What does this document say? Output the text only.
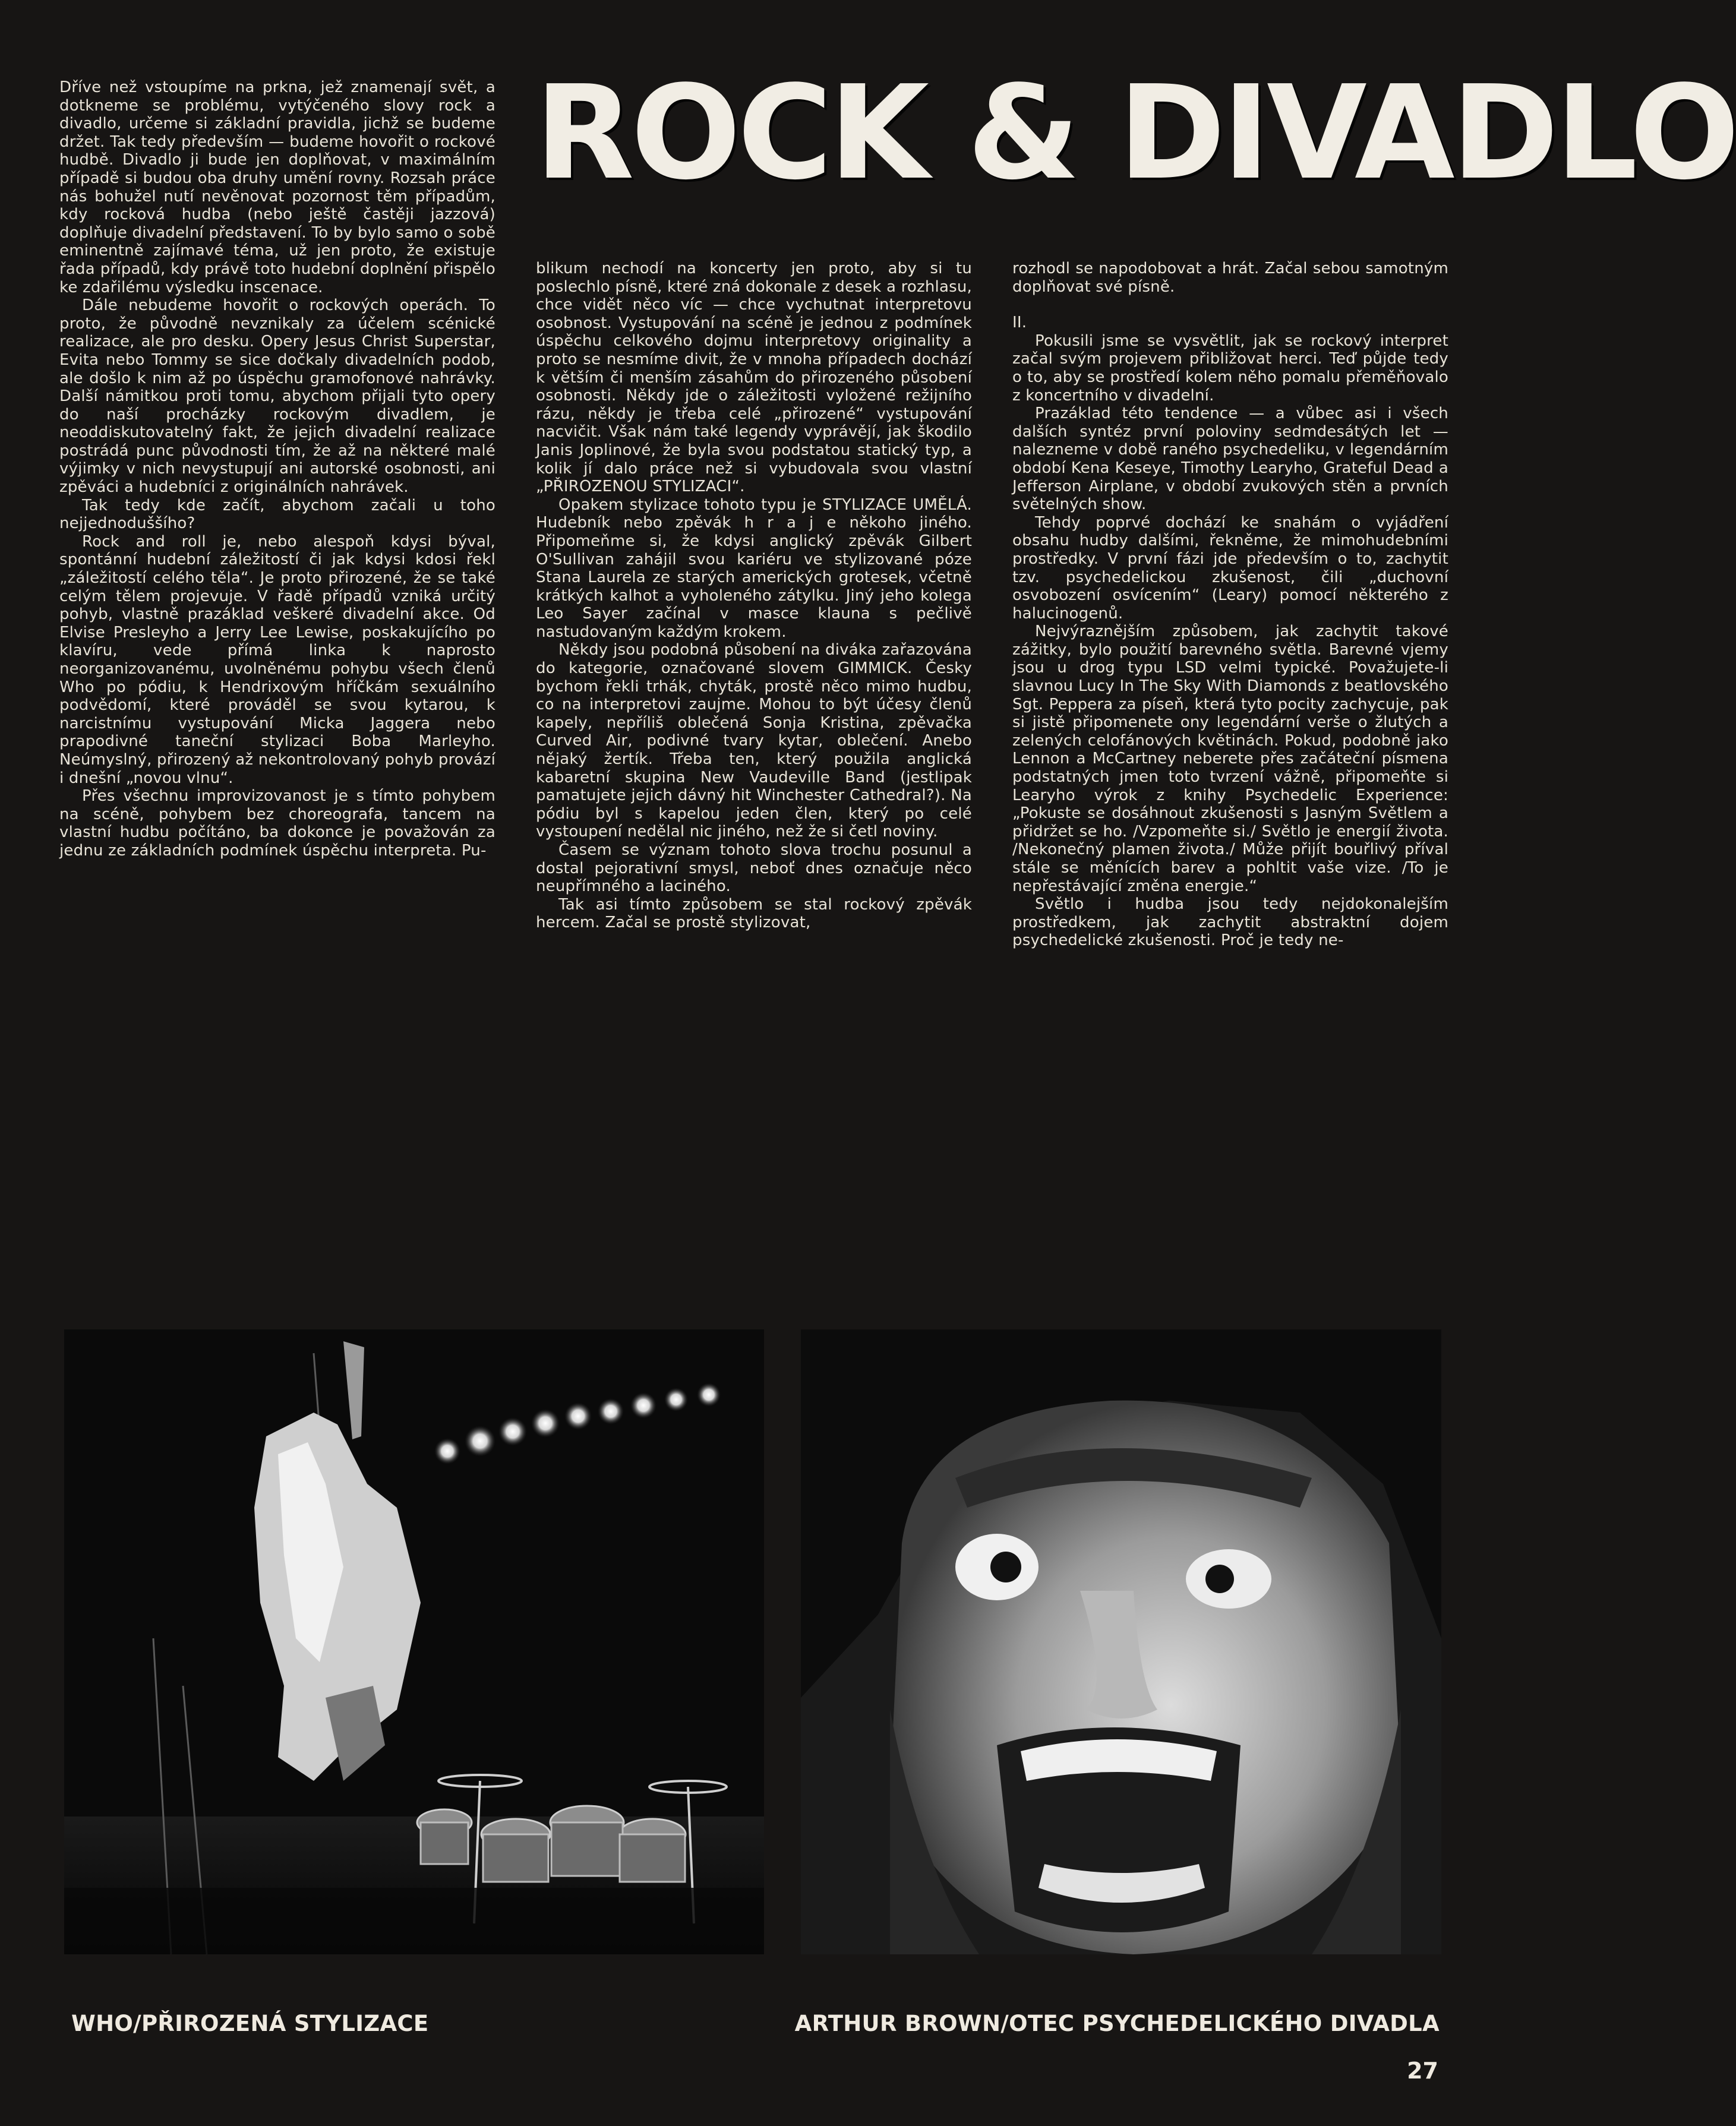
ROCK & DIVADLO

Dříve než vstoupíme na prkna, jež znamenají svět, a dotkneme se problému, vytýčeného slovy rock a divadlo, určeme si základní pravidla, jichž se budeme držet. Tak tedy především — budeme hovořit o rockové hudbě. Divadlo ji bude jen doplňovat, v maximálním případě si budou oba druhy umění rovny. Rozsah práce nás bohužel nutí nevěnovat pozornost těm případům, kdy rocková hudba (nebo ještě častěji jazzová) doplňuje divadelní představení. To by bylo samo o sobě eminentně zajímavé téma, už jen proto, že existuje řada případů, kdy právě toto hudební doplnění přispělo ke zdařilému výsledku inscenace.

Dále nebudeme hovořit o rockových operách. To proto, že původně nevznikaly za účelem scénické realizace, ale pro desku. Opery Jesus Christ Superstar, Evita nebo Tommy se sice dočkaly divadelních podob, ale došlo k nim až po úspěchu gramofonové nahrávky. Další námitkou proti tomu, abychom přijali tyto opery do naší procházky rockovým divadlem, je neoddiskutovatelný fakt, že jejich divadelní realizace postrádá punc původnosti tím, že až na některé malé výjimky v nich nevystupují ani autorské osobnosti, ani zpěváci a hudebníci z originálních nahrávek.

Tak tedy kde začít, abychom začali u toho nejjednoduššího?

Rock and roll je, nebo alespoň kdysi býval, spontánní hudební záležitostí či jak kdysi kdosi řekl „záležitostí celého těla“. Je proto přirozené, že se také celým tělem projevuje. V řadě případů vzniká určitý pohyb, vlastně prazáklad veškeré divadelní akce. Od Elvise Presleyho a Jerry Lee Lewise, poskakujícího po klavíru, vede přímá linka k naprosto neorganizovanému, uvolněnému pohybu všech členů Who po pódiu, k Hendrixovým hříčkám sexuálního podvědomí, které prováděl se svou kytarou, k narcistnímu vystupování Micka Jaggera nebo prapodivné taneční stylizaci Boba Marleyho. Neúmyslný, přirozený až nekontrolovaný pohyb provází i dnešní „novou vlnu“.

Přes všechnu improvizovanost je s tímto pohybem na scéně, pohybem bez choreografa, tancem na vlastní hudbu počítáno, ba dokonce je považován za jednu ze základních podmínek úspěchu interpreta. Pu-

blikum nechodí na koncerty jen proto, aby si tu poslechlo písně, které zná dokonale z desek a rozhlasu, chce vidět něco víc — chce vychutnat interpretovu osobnost. Vystupování na scéně je jednou z podmínek úspěchu celkového dojmu interpretovy originality a proto se nesmíme divit, že v mnoha případech dochází k větším či menším zásahům do přirozeného působení osobnosti. Někdy jde o záležitosti vyložené režijního rázu, někdy je třeba celé „přirozené“ vystupování nacvičit. Však nám také legendy vyprávějí, jak škodilo Janis Joplinové, že byla svou podstatou statický typ, a kolik jí dalo práce než si vybudovala svou vlastní „PŘIROZENOU STYLIZACI“.

Opakem stylizace tohoto typu je STYLIZACE UMĚLÁ. Hudebník nebo zpěvák h r a j e někoho jiného. Připomeňme si, že kdysi anglický zpěvák Gilbert O'Sullivan zahájil svou kariéru ve stylizované póze Stana Laurela ze starých amerických grotesek, včetně krátkých kalhot a vyholeného zátylku. Jiný jeho kolega Leo Sayer začínal v masce klauna s pečlivě nastudovaným každým krokem.

Někdy jsou podobná působení na diváka zařazována do kategorie, označované slovem GIMMICK. Česky bychom řekli trhák, chyták, prostě něco mimo hudbu, co na interpretovi zaujme. Mohou to být účesy členů kapely, nepříliš oblečená Sonja Kristina, zpěvačka Curved Air, podivné tvary kytar, oblečení. Anebo nějaký žertík. Třeba ten, který použila anglická kabaretní skupina New Vaudeville Band (jestlipak pamatujete jejich dávný hit Winchester Cathedral?). Na pódiu byl s kapelou jeden člen, který po celé vystoupení nedělal nic jiného, než že si četl noviny.

Časem se význam tohoto slova trochu posunul a dostal pejorativní smysl, neboť dnes označuje něco neupřímného a laciného.

Tak asi tímto způsobem se stal rockový zpěvák hercem. Začal se prostě stylizovat,

rozhodl se napodobovat a hrát. Začal sebou samotným doplňovat své písně.

II.

Pokusili jsme se vysvětlit, jak se rockový interpret začal svým projevem přibližovat herci. Teď půjde tedy o to, aby se prostředí kolem něho pomalu přeměňovalo z koncertního v divadelní.

Prazáklad této tendence — a vůbec asi i všech dalších syntéz první poloviny sedmdesátých let — nalezneme v době raného psychedeliku, v legendárním období Kena Keseye, Timothy Learyho, Grateful Dead a Jefferson Airplane, v období zvukových stěn a prvních světelných show.

Tehdy poprvé dochází ke snahám o vyjádření obsahu hudby dalšími, řekněme, že mimohudebními prostředky. V první fázi jde především o to, zachytit tzv. psychedelickou zkušenost, čili „duchovní osvobození osvícením“ (Leary) pomocí některého z halucinogenů.

Nejvýraznějším způsobem, jak zachytit takové zážitky, bylo použití barevného světla. Barevné vjemy jsou u drog typu LSD velmi typické. Považujete-li slavnou Lucy In The Sky With Diamonds z beatlovského Sgt. Peppera za píseň, která tyto pocity zachycuje, pak si jistě připomenete ony legendární verše o žlutých a zelených celofánových květinách. Pokud, podobně jako Lennon a McCartney neberete přes začáteční písmena podstatných jmen toto tvrzení vážně, připomeňte si Learyho výrok z knihy Psychedelic Experience: „Pokuste se dosáhnout zkušenosti s Jasným Světlem a přidržet se ho. /Vzpomeňte si./ Světlo je energií života. /Nekonečný plamen života./ Může přijít bouřlivý příval stále se měnících barev a pohltit vaše vize. /To je nepřestávající změna energie.“

Světlo i hudba jsou tedy nejdokonalejším prostředkem, jak zachytit abstraktní dojem psychedelické zkušenosti. Proč je tedy ne-

WHO/PŘIROZENÁ STYLIZACE	ARTHUR BROWN/OTEC PSYCHEDELICKÉHO DIVADLA
27
